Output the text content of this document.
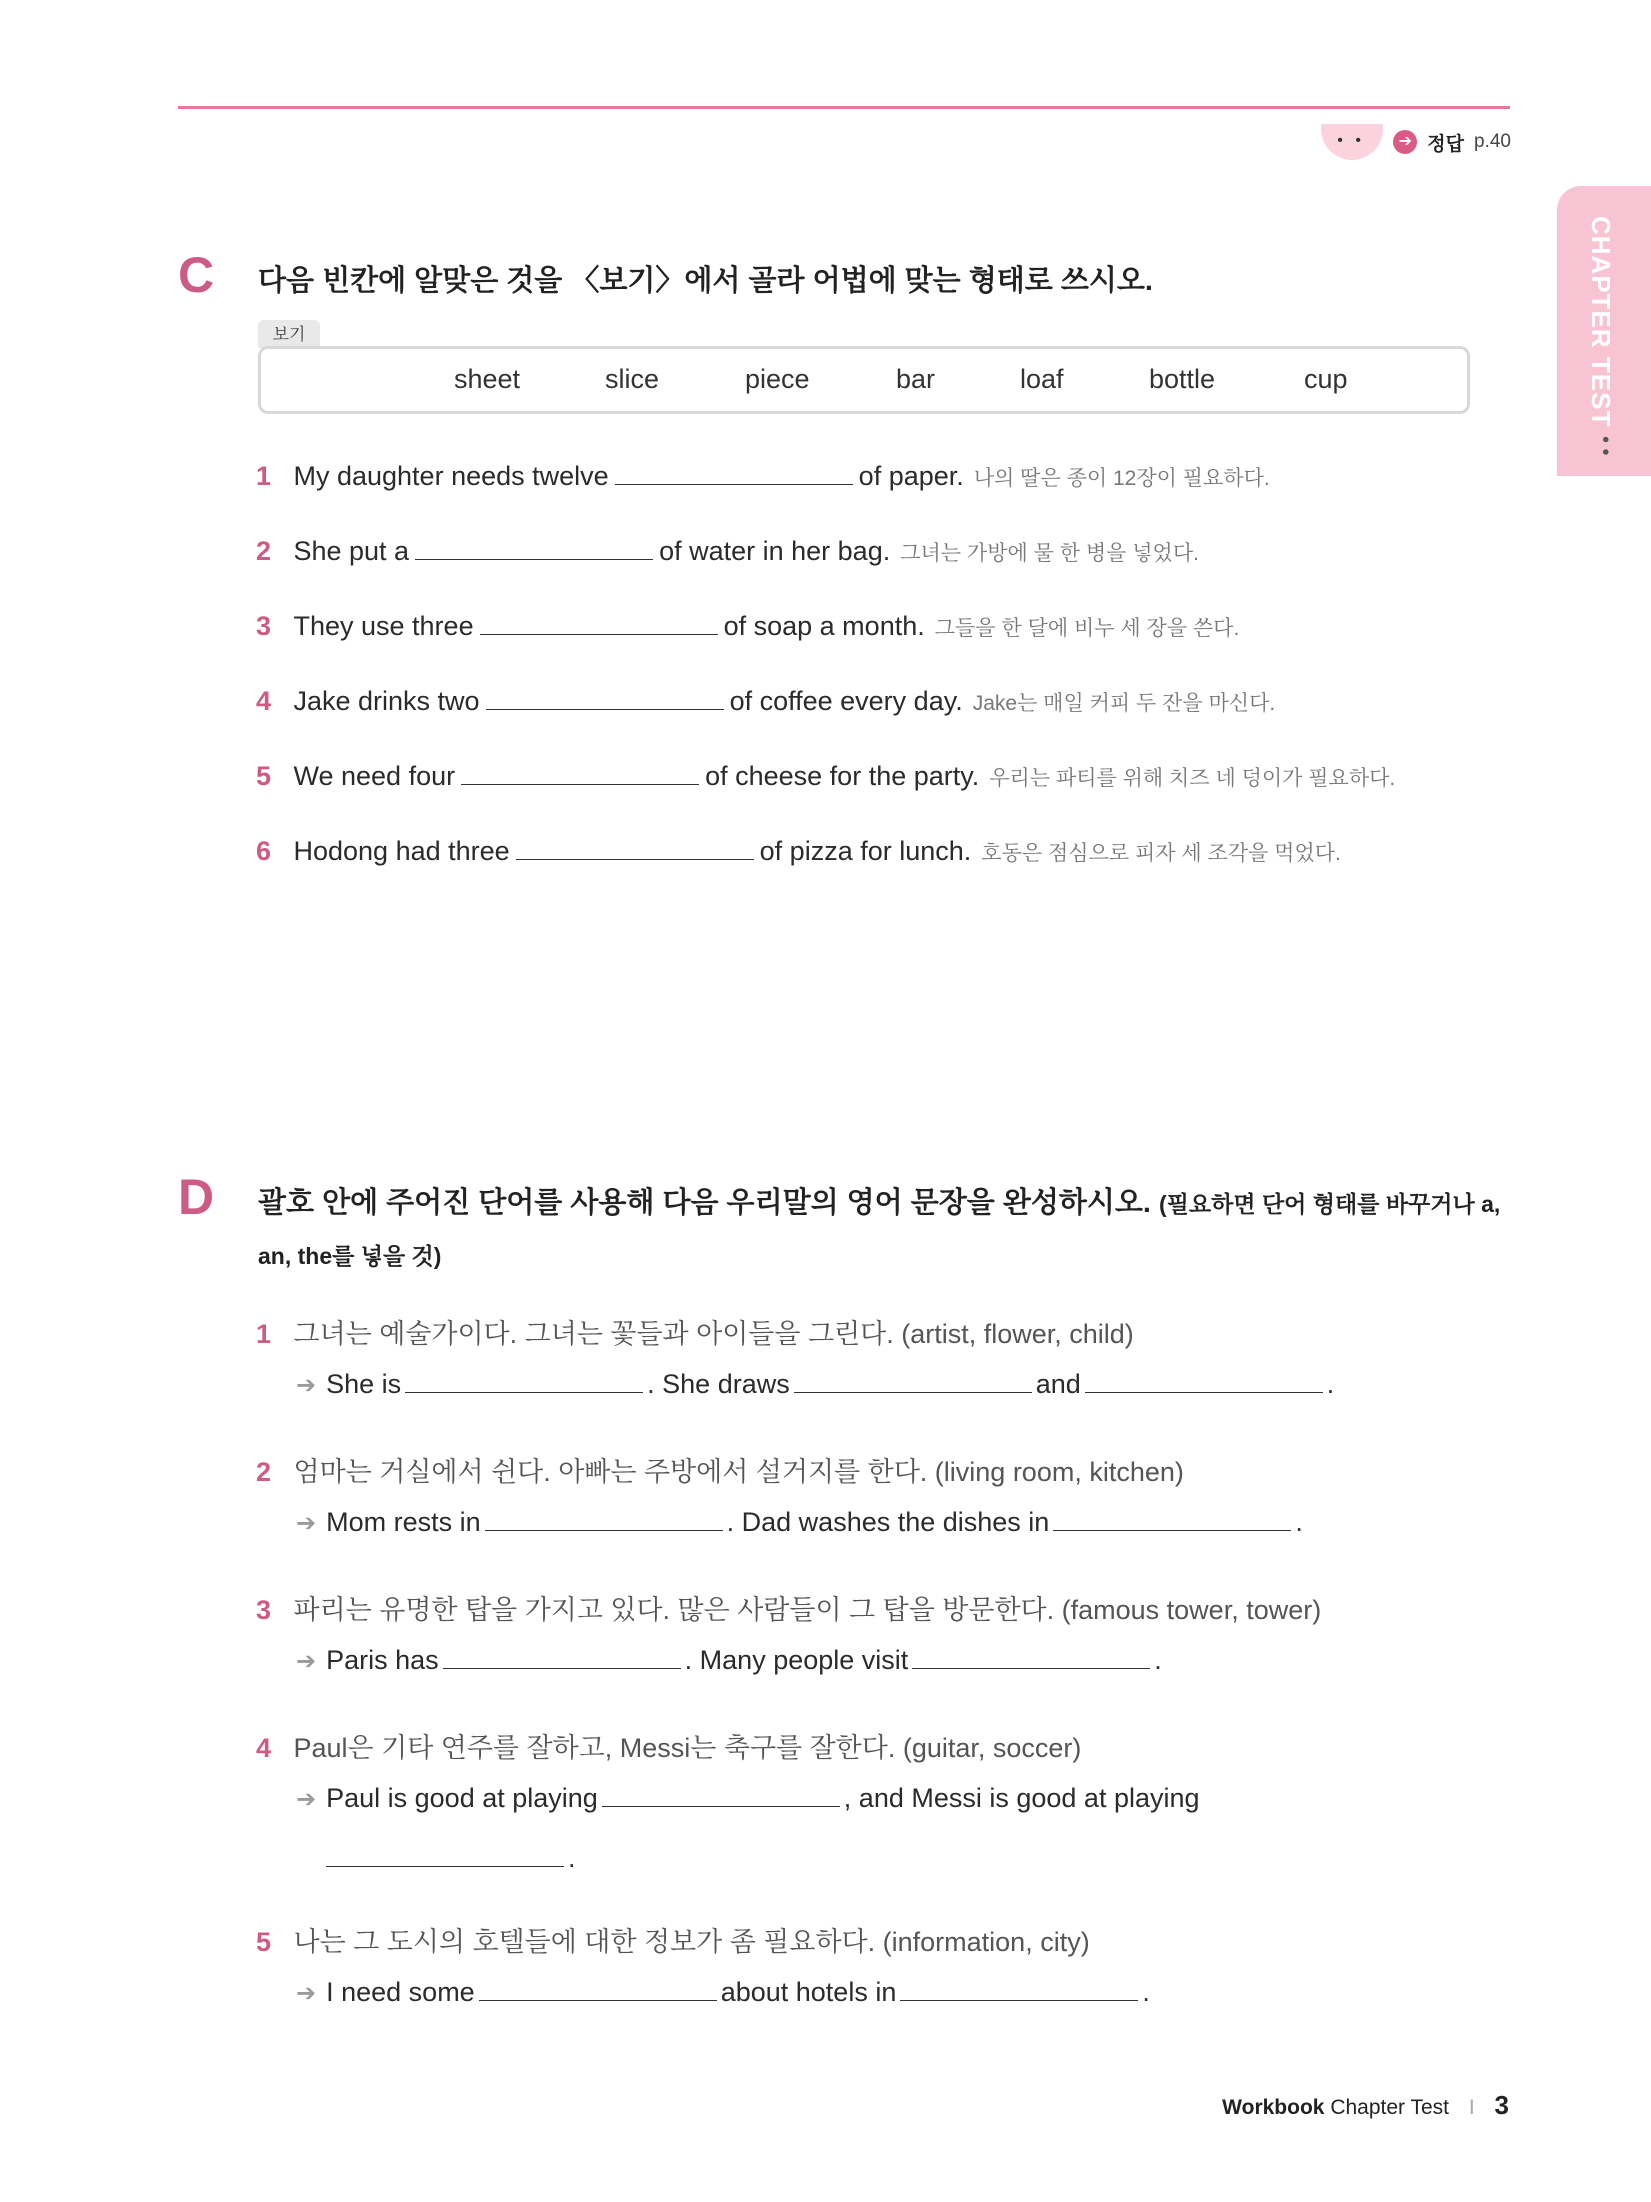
• •	➔ 정답 p.40
CHAPTER TEST
• •
C 다음 빈칸에 알맞은 것을 〈보기〉에서 골라 어법에 맞는 형태로 쓰시오.
보기
sheet	slice	piece	bar	loaf	bottle	cup
1 My daughter needs twelve	of paper. 나의 딸은 종이 12장이 필요하다.
2 She put a	of water in her bag. 그녀는 가방에 물 한 병을 넣었다.
3 They use three	of soap a month. 그들을 한 달에 비누 세 장을 쓴다.
4 Jake drinks two	of coffee every day. Jake는 매일 커피 두 잔을 마신다.
5 We need four	of cheese for the party. 우리는 파티를 위해 치즈 네 덩이가 필요하다.
6 Hodong had three	of pizza for lunch. 호동은 점심으로 피자 세 조각을 먹었다.
D 괄호 안에 주어진 단어를 사용해 다음 우리말의 영어 문장을 완성하시오. (필요하면 단어 형태를 바꾸거나 a,
an, the를 넣을 것)
1 그녀는 예술가이다. 그녀는 꽃들과 아이들을 그린다. (artist, flower, child)
➔ She is	. She draws	and	.
2 엄마는 거실에서 쉰다. 아빠는 주방에서 설거지를 한다. (living room, kitchen)
➔ Mom rests in	. Dad washes the dishes in	.
3 파리는 유명한 탑을 가지고 있다. 많은 사람들이 그 탑을 방문한다. (famous tower, tower)
➔ Paris has	. Many people visit	.
4 Paul은 기타 연주를 잘하고, Messi는 축구를 잘한다. (guitar, soccer)
➔ Paul is good at playing	, and Messi is good at playing
.
5 나는 그 도시의 호텔들에 대한 정보가 좀 필요하다. (information, city)
➔ I need some	about hotels in	.
Workbook Chapter Test I 3
